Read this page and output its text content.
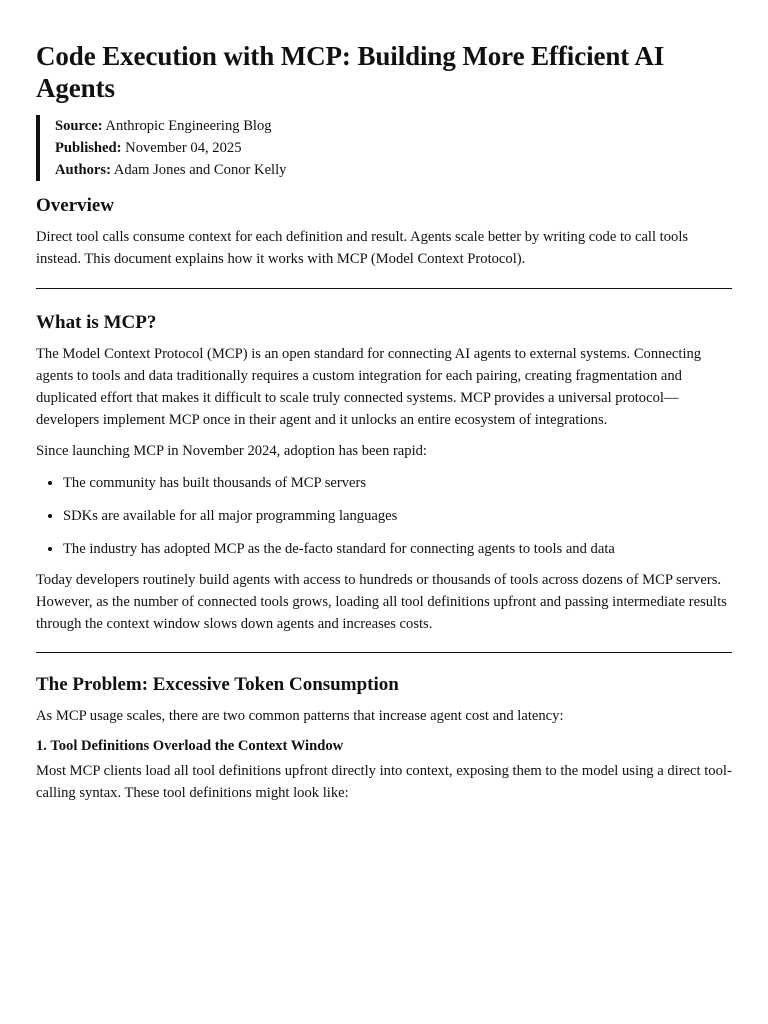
Code Execution with MCP: Building More Efficient AI Agents
Source: Anthropic Engineering Blog
Published: November 04, 2025
Authors: Adam Jones and Conor Kelly
Overview

Direct tool calls consume context for each definition and result. Agents scale better by writing code to call tools instead. This document explains how it works with MCP (Model Context Protocol).

What is MCP?

The Model Context Protocol (MCP) is an open standard for connecting AI agents to external systems. Connecting agents to tools and data traditionally requires a custom integration for each pairing, creating fragmentation and duplicated effort that makes it difficult to scale truly connected systems. MCP provides a universal protocol—developers implement MCP once in their agent and it unlocks an entire ecosystem of integrations.

Since launching MCP in November 2024, adoption has been rapid:

• The community has built thousands of MCP servers
• SDKs are available for all major programming languages
• The industry has adopted MCP as the de-facto standard for connecting agents to tools and data

Today developers routinely build agents with access to hundreds or thousands of tools across dozens of MCP servers. However, as the number of connected tools grows, loading all tool definitions upfront and passing intermediate results through the context window slows down agents and increases costs.

The Problem: Excessive Token Consumption

As MCP usage scales, there are two common patterns that increase agent cost and latency:

1. Tool Definitions Overload the Context Window

Most MCP clients load all tool definitions upfront directly into context, exposing them to the model using a direct tool-calling syntax. These tool definitions might look like:
